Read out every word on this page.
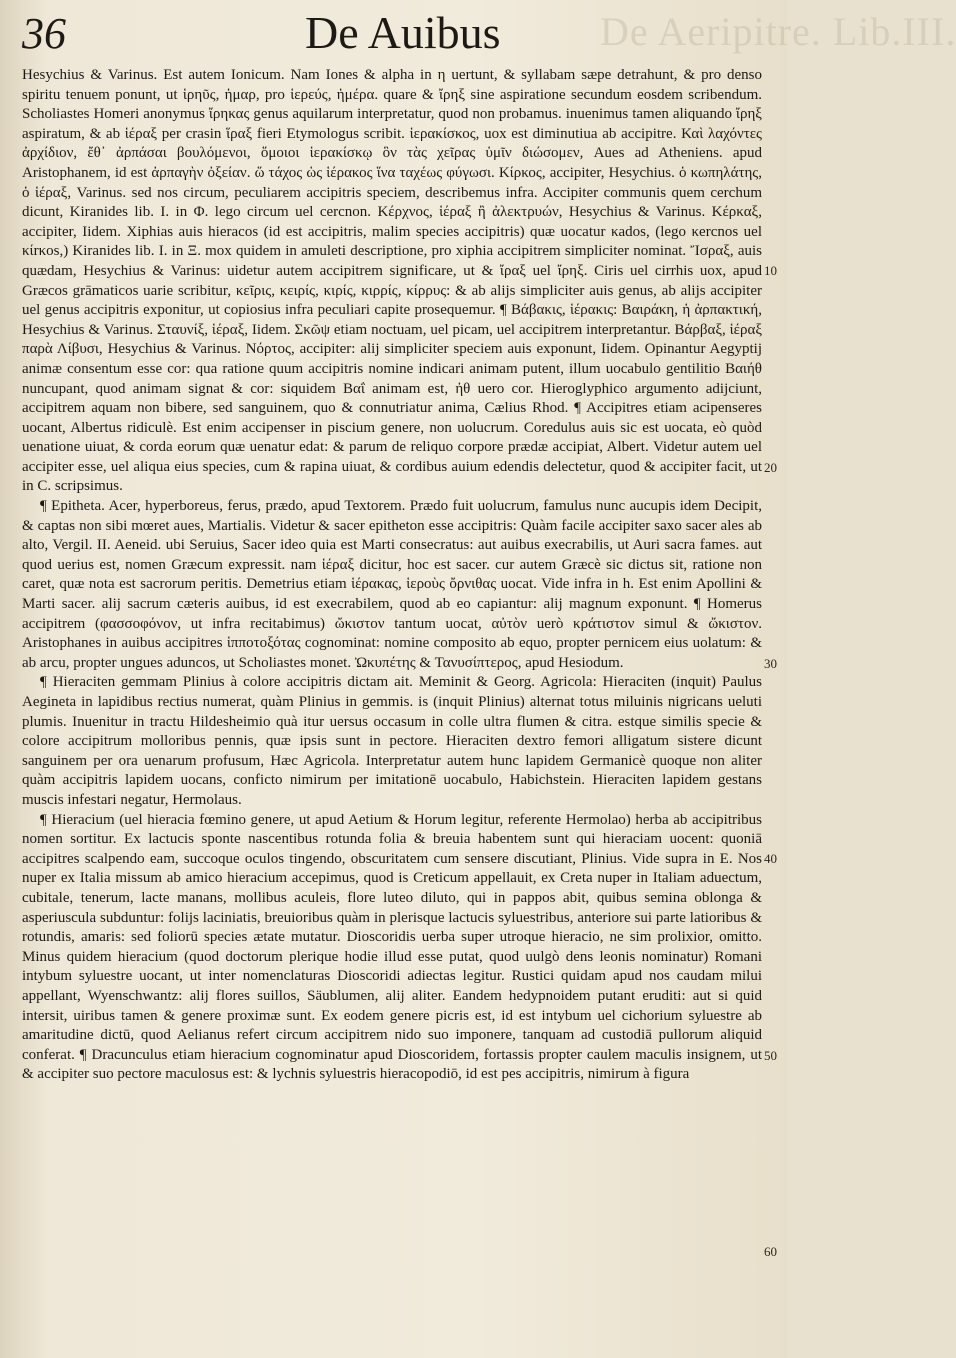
De Aeripitre. Lib.III.
36	De Auibus

Hesychius & Varinus. Est autem Ionicum. Nam Iones & alpha in η uertunt, & syllabam sæpe detrahunt, & pro denso spiritu tenuem ponunt, ut ἱρηῦς, ἡμαρ, pro ἱερεύς, ἡμέρα. quare & ἴρηξ sine aspiratione secundum eosdem scribendum. Scholiastes Homeri anonymus ἴρηκας genus aquilarum interpretatur, quod non probamus. inuenimus tamen aliquando ἴρηξ aspiratum, & ab ἱέραξ per crasin ἵραξ fieri Etymologus scribit. ἱερακίσκος, uox est diminutiua ab accipitre. Καὶ λαχόντες ἀρχίδιον, ἔθ᾽ ἀρπάσαι βουλόμενοι, ὅμοιοι ἱερακίσκῳ ὃν τὰς χεῖρας ὑμῖν διώσομεν, Aues ad Atheniens. apud Aristophanem, id est ἀρπαγὴν ὀξείαν. ὥ τάχος ὡς ἱέρακος ἵνα ταχέως φύγωσι. Κίρκος, accipiter, Hesychius. ὁ κωπηλάτης, ὁ ἱέραξ, Varinus. sed nos circum, peculiarem accipitris speciem, describemus infra. Accipiter communis quem cerchum dicunt, Kiranides lib. I. in Φ. lego circum uel cercnon. Κέρχνος, ἱέραξ ἢ ἀλεκτρυών, Hesychius & Varinus. Κέρκαξ, accipiter, Iidem. Xiphias auis hieracos (id est accipitris, malim species accipitris) quæ uocatur κados, (lego κercnos uel κίrκos,) Kiranides lib. I. in Ξ. mox quidem in amuleti descriptione, pro xiphia accipitrem simpliciter nominat. Ἴσραξ, auis quædam, Hesychius & Varinus: uidetur autem accipitrem significare, ut & ἴραξ uel ἴρηξ. Ciris uel cirrhis uox, apud Græcos grāmaticos uarie scribitur, κεῖρις, κειρίς, κιρίς, κιρρίς, κίρρυς: & ab alijs simpliciter auis genus, ab alijs accipiter uel genus accipitris exponitur, ut copiosius infra peculiari capite prosequemur. ¶ Βάβακις, ἱέρακις: Βαιράκη, ἡ ἀρπακτική, Hesychius & Varinus. Σταυνίξ, ἱέραξ, Iidem. Σκῶψ etiam noctuam, uel picam, uel accipitrem interpretantur. Βάρβαξ, ἱέραξ παρὰ Λίβυσι, Hesychius & Varinus. Νόρτος, accipiter: alij simpliciter speciem auis exponunt, Iidem. Opinantur Aegyptij animæ consentum esse cor: qua ratione quum accipitris nomine indicari animam putent, illum uocabulo gentilitio Βαιήθ nuncupant, quod animam signat & cor: siquidem Βαΐ animam est, ἠθ uero cor. Hieroglyphico argumento adijciunt, accipitrem aquam non bibere, sed sanguinem, quo & connutriatur anima, Cælius Rhod. ¶ Accipitres etiam acipenseres uocant, Albertus ridiculè. Est enim accipenser in piscium genere, non uolucrum. Coredulus auis sic est uocata, eò quòd uenatione uiuat, & corda eorum quæ uenatur edat: & parum de reliquo corpore prædæ accipiat, Albert. Videtur autem uel accipiter esse, uel aliqua eius species, cum & rapina uiuat, & cordibus auium edendis delectetur, quod & accipiter facit, ut in C. scripsimus.

¶ Epitheta. Acer, hyperboreus, ferus, prædo, apud Textorem. Prædo fuit uolucrum, famulus nunc aucupis idem Decipit, & captas non sibi mœret aues, Martialis. Videtur & sacer epitheton esse accipitris: Quàm facile accipiter saxo sacer ales ab alto, Vergil. II. Aeneid. ubi Seruius, Sacer ideo quia est Marti consecratus: aut auibus execrabilis, ut Auri sacra fames. aut quod uerius est, nomen Græcum expressit. nam ἱέραξ dicitur, hoc est sacer. cur autem Græcè sic dictus sit, ratione non caret, quæ nota est sacrorum peritis. Demetrius etiam ἱέρακας, ἱεροὺς ὄρνιθας uocat. Vide infra in h. Est enim Apollini & Marti sacer. alij sacrum cæteris auibus, id est execrabilem, quod ab eo capiantur: alij magnum exponunt. ¶ Homerus accipitrem (φασσοφόνον, ut infra recitabimus) ὤκιστον tantum uocat, αὐτὸν uerò κράτιστον simul & ὤκιστον. Aristophanes in auibus accipitres ἱπποτοξότας cognominat: nomine composito ab equo, propter pernicem eius uolatum: & ab arcu, propter ungues aduncos, ut Scholiastes monet. Ὠκυπέτης & Τανυσίπτερος, apud Hesiodum.

¶ Hieraciten gemmam Plinius à colore accipitris dictam ait. Meminit & Georg. Agricola: Hieraciten (inquit) Paulus Aegineta in lapidibus rectius numerat, quàm Plinius in gemmis. is (inquit Plinius) alternat totus miluinis nigricans ueluti plumis. Inuenitur in tractu Hildesheimio quà itur uersus occasum in colle ultra flumen & citra. estque similis specie & colore accipitrum molloribus pennis, quæ ipsis sunt in pectore. Hieraciten dextro femori alligatum sistere dicunt sanguinem per ora uenarum profusum, Hæc Agricola. Interpretatur autem hunc lapidem Germanicè quoque non aliter quàm accipitris lapidem uocans, conficto nimirum per imitationē uocabulo, Habichstein. Hieraciten lapidem gestans muscis infestari negatur, Hermolaus.

¶ Hieracium (uel hieracia fœmino genere, ut apud Aetium & Horum legitur, referente Hermolao) herba ab accipitribus nomen sortitur. Ex lactucis sponte nascentibus rotunda folia & breuia habentem sunt qui hieraciam uocent: quoniā accipitres scalpendo eam, succoque oculos tingendo, obscuritatem cum sensere discutiant, Plinius. Vide supra in E. Nos nuper ex Italia missum ab amico hieracium accepimus, quod is Creticum appellauit, ex Creta nuper in Italiam aduectum, cubitale, tenerum, lacte manans, mollibus aculeis, flore luteo diluto, qui in pappos abit, quibus semina oblonga & asperiuscula subduntur: folijs laciniatis, breuioribus quàm in plerisque lactucis syluestribus, anteriore sui parte latioribus & rotundis, amaris: sed foliorū species ætate mutatur. Dioscoridis uerba super utroque hieracio, ne sim prolixior, omitto. Minus quidem hieracium (quod doctorum plerique hodie illud esse putat, quod uulgò dens leonis nominatur) Romani intybum syluestre uocant, ut inter nomenclaturas Dioscoridi adiectas legitur. Rustici quidam apud nos caudam milui appellant, Wyenschwantz: alij flores suillos, Säublumen, alij aliter. Eandem hedypnoidem putant eruditi: aut si quid intersit, uiribus tamen & genere proximæ sunt. Ex eodem genere picris est, id est intybum uel cichorium syluestre ab amaritudine dictū, quod Aelianus refert circum accipitrem nido suo imponere, tanquam ad custodiā pullorum aliquid conferat. ¶ Dracunculus etiam hieracium cognominatur apud Dioscoridem, fortassis propter caulem maculis insignem, ut & accipiter suo pectore maculosus est: & lychnis syluestris hieracopodiō, id est pes accipitris, nimirum à figura

10
20
30
40
50
60
